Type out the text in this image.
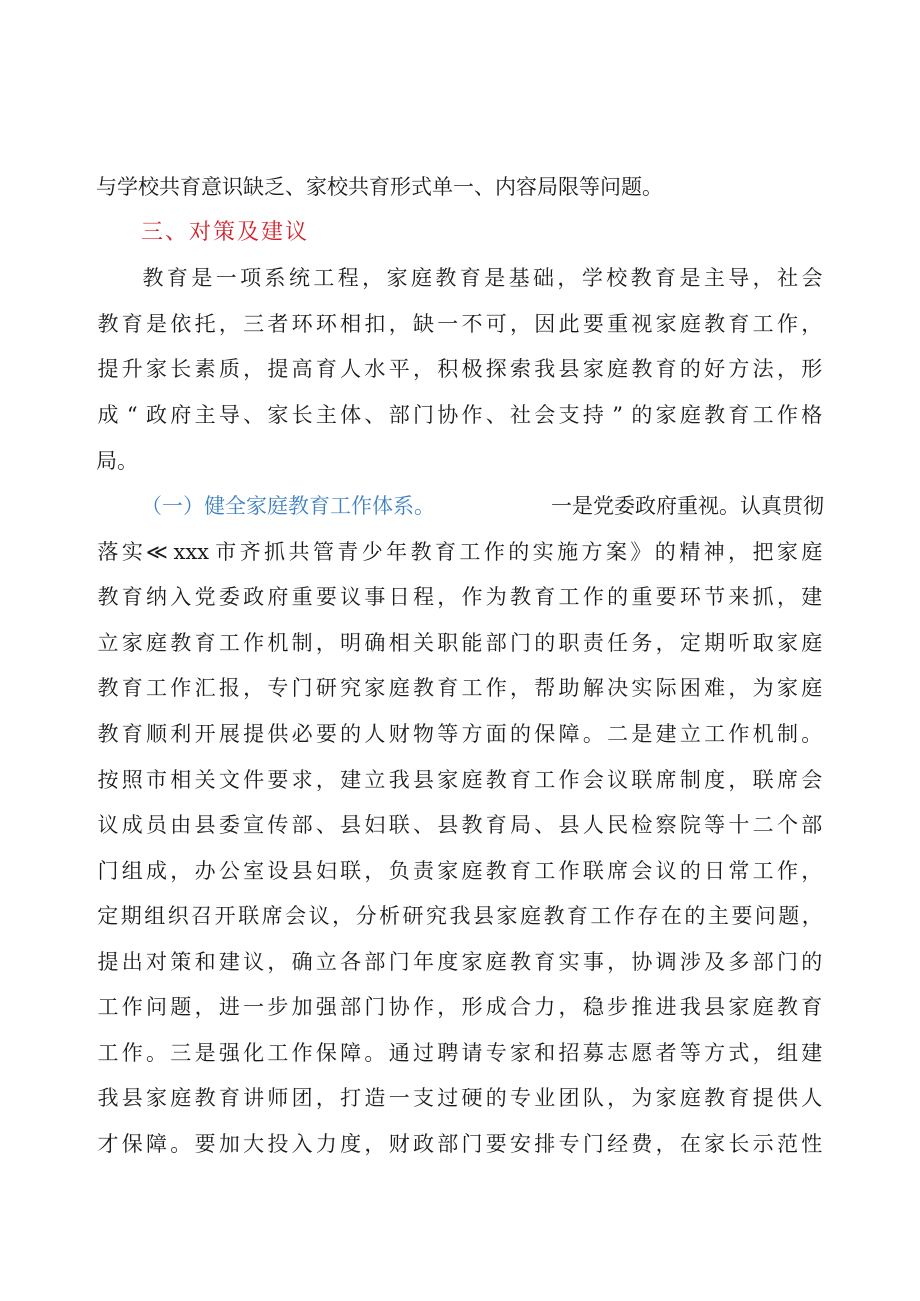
与学校共育意识缺乏、家校共育形式单一、内容局限等问题。
三、对策及建议
教 育 是 一 项 系 统 工 程 ， 家 庭 教 育 是 基 础 ， 学 校 教 育 是 主 导 ， 社 会
教 育 是 依 托 ， 三 者 环 环 相 扣 ， 缺 一 不 可 ， 因 此 要 重 视 家 庭 教 育 工 作 ，
提 升 家 长 素 质 ， 提 高 育 人 水 平 ， 积 极 探 索 我 县 家 庭 教 育 的 好 方 法 ， 形
成 “ 政 府 主 导 、 家 长 主 体 、 部 门 协 作 、 社 会 支 持 ” 的 家 庭 教 育 工 作 格
局。
（一）健全家庭教育工作体系。	一是党委政府重视。认真贯彻
落 实 ≪ xxx 市 齐 抓 共 管 青 少 年 教 育 工 作 的 实 施 方 案 》 的 精 神 ， 把 家 庭
教 育 纳 入 党 委 政 府 重 要 议 事 日 程 ， 作 为 教 育 工 作 的 重 要 环 节 来 抓 ， 建
立 家 庭 教 育 工 作 机 制 ， 明 确 相 关 职 能 部 门 的 职 责 任 务 ， 定 期 听 取 家 庭
教 育 工 作 汇 报 ， 专 门 研 究 家 庭 教 育 工 作 ， 帮 助 解 决 实 际 困 难 ， 为 家 庭
教 育 顺 利 开 展 提 供 必 要 的 人 财 物 等 方 面 的 保 障 。 二 是 建 立 工 作 机 制 。
按 照 市 相 关 文 件 要 求 ， 建 立 我 县 家 庭 教 育 工 作 会 议 联 席 制 度 ， 联 席 会
议 成 员 由 县 委 宣 传 部 、 县 妇 联 、 县 教 育 局 、 县 人 民 检 察 院 等 十 二 个 部
门 组 成 ， 办 公 室 设 县 妇 联 ， 负 责 家 庭 教 育 工 作 联 席 会 议 的 日 常 工 作 ，
定 期 组 织 召 开 联 席 会 议 ， 分 析 研 究 我 县 家 庭 教 育 工 作 存 在 的 主 要 问 题 ，
提 出 对 策 和 建 议 ， 确 立 各 部 门 年 度 家 庭 教 育 实 事 ， 协 调 涉 及 多 部 门 的
工 作 问 题 ， 进 一 步 加 强 部 门 协 作 ， 形 成 合 力 ， 稳 步 推 进 我 县 家 庭 教 育
工 作 。 三 是 强 化 工 作 保 障 。 通 过 聘 请 专 家 和 招 募 志 愿 者 等 方 式 ， 组 建
我 县 家 庭 教 育 讲 师 团 ， 打 造 一 支 过 硬 的 专 业 团 队 ， 为 家 庭 教 育 提 供 人
才 保 障 。 要 加 大 投 入 力 度 ， 财 政 部 门 要 安 排 专 门 经 费 ， 在 家 长 示 范 性
